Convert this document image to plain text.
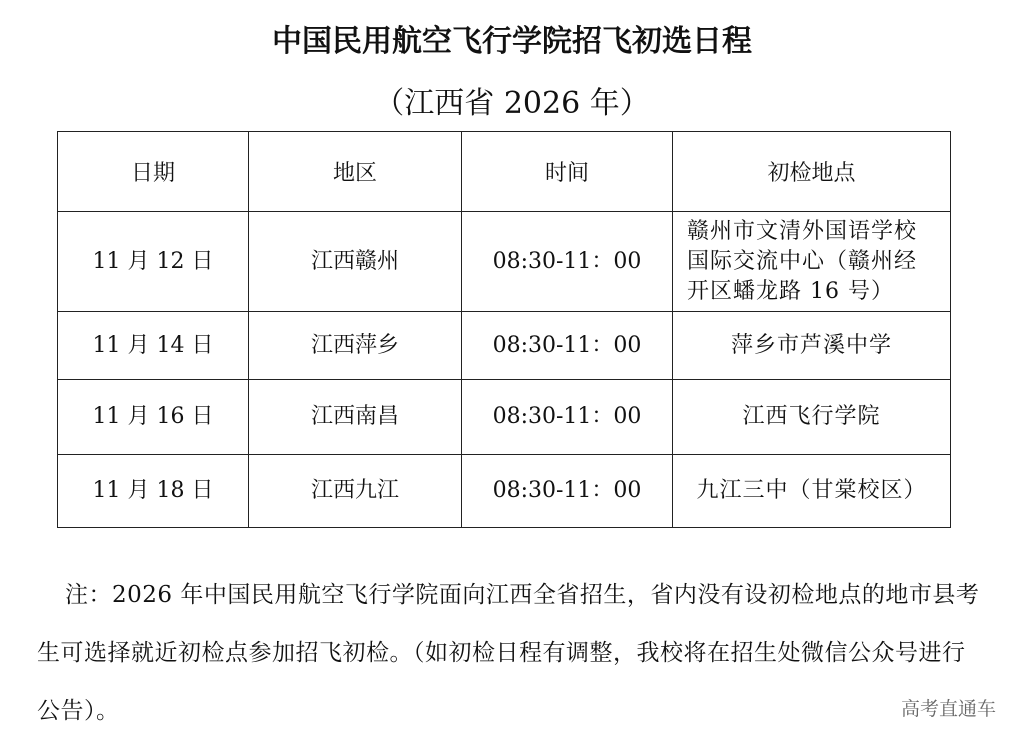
中国民用航空飞行学院招飞初选日程
（江西省 2026 年）
日期	地区	时间	初检地点
11 月 12 日	江西赣州	08:30-11：00	赣州市文清外国语学校国际交流中心（赣州经开区蟠龙路 16 号）
11 月 14 日	江西萍乡	08:30-11：00	萍乡市芦溪中学
11 月 16 日	江西南昌	08:30-11：00	江西飞行学院
11 月 18 日	江西九江	08:30-11：00	九江三中（甘棠校区）
注：2026 年中国民用航空飞行学院面向江西全省招生，省内没有设初检地点的地市县考生可选择就近初检点参加招飞初检。（如初检日程有调整，我校将在招生处微信公众号进行公告）。	高考直通车
